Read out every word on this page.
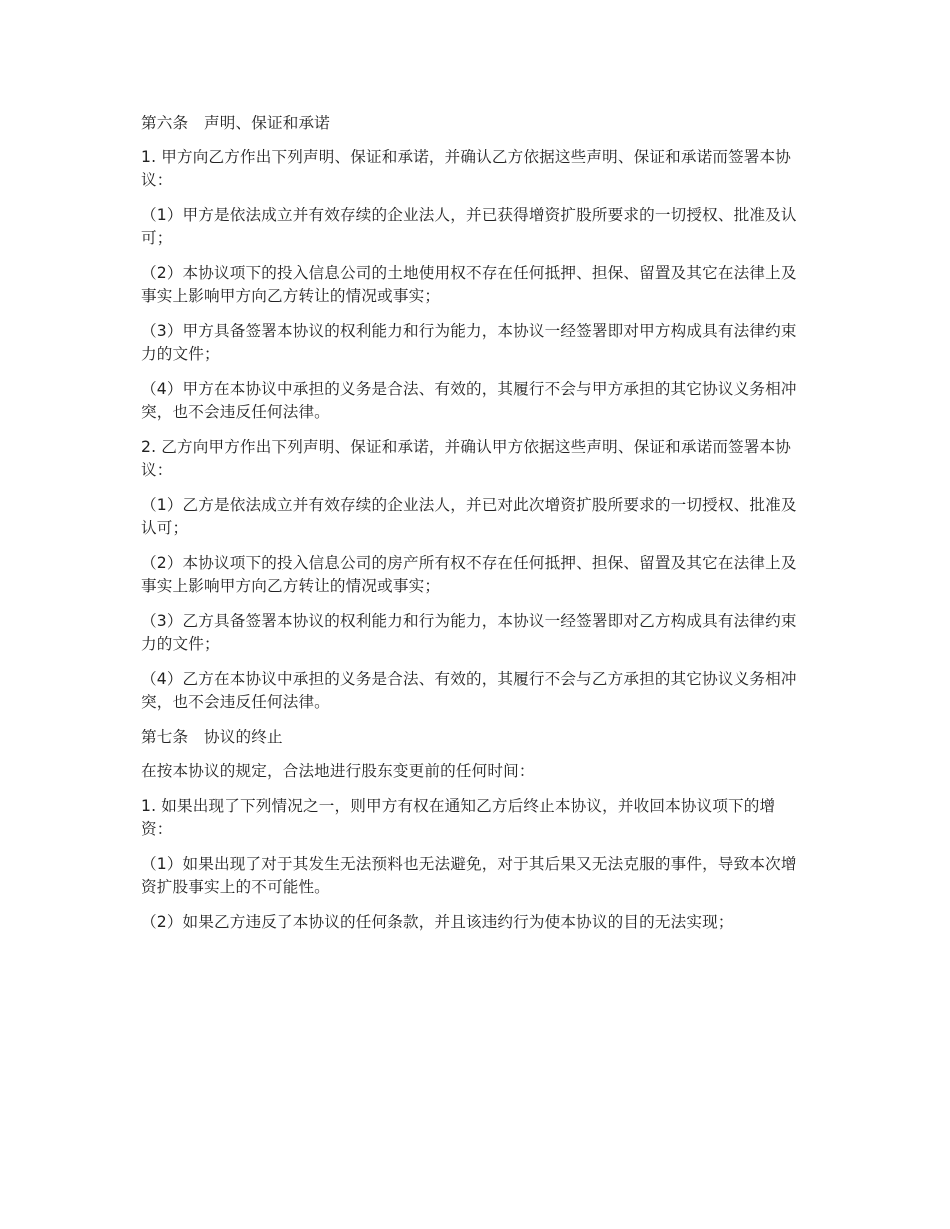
第六条　声明、保证和承诺

1. 甲方向乙方作出下列声明、保证和承诺，并确认乙方依据这些声明、保证和承诺而签署本协议：

（1）甲方是依法成立并有效存续的企业法人，并已获得增资扩股所要求的一切授权、批准及认可；

（2）本协议项下的投入信息公司的土地使用权不存在任何抵押、担保、留置及其它在法律上及事实上影响甲方向乙方转让的情况或事实；

（3）甲方具备签署本协议的权利能力和行为能力，本协议一经签署即对甲方构成具有法律约束力的文件；

（4）甲方在本协议中承担的义务是合法、有效的，其履行不会与甲方承担的其它协议义务相冲突，也不会违反任何法律。

2. 乙方向甲方作出下列声明、保证和承诺，并确认甲方依据这些声明、保证和承诺而签署本协议：

（1）乙方是依法成立并有效存续的企业法人，并已对此次增资扩股所要求的一切授权、批准及认可；

（2）本协议项下的投入信息公司的房产所有权不存在任何抵押、担保、留置及其它在法律上及事实上影响甲方向乙方转让的情况或事实；

（3）乙方具备签署本协议的权利能力和行为能力，本协议一经签署即对乙方构成具有法律约束力的文件；

（4）乙方在本协议中承担的义务是合法、有效的，其履行不会与乙方承担的其它协议义务相冲突，也不会违反任何法律。

第七条　协议的终止

在按本协议的规定，合法地进行股东变更前的任何时间：

1. 如果出现了下列情况之一，则甲方有权在通知乙方后终止本协议，并收回本协议项下的增资：

（1）如果出现了对于其发生无法预料也无法避免，对于其后果又无法克服的事件，导致本次增资扩股事实上的不可能性。

（2）如果乙方违反了本协议的任何条款，并且该违约行为使本协议的目的无法实现；
